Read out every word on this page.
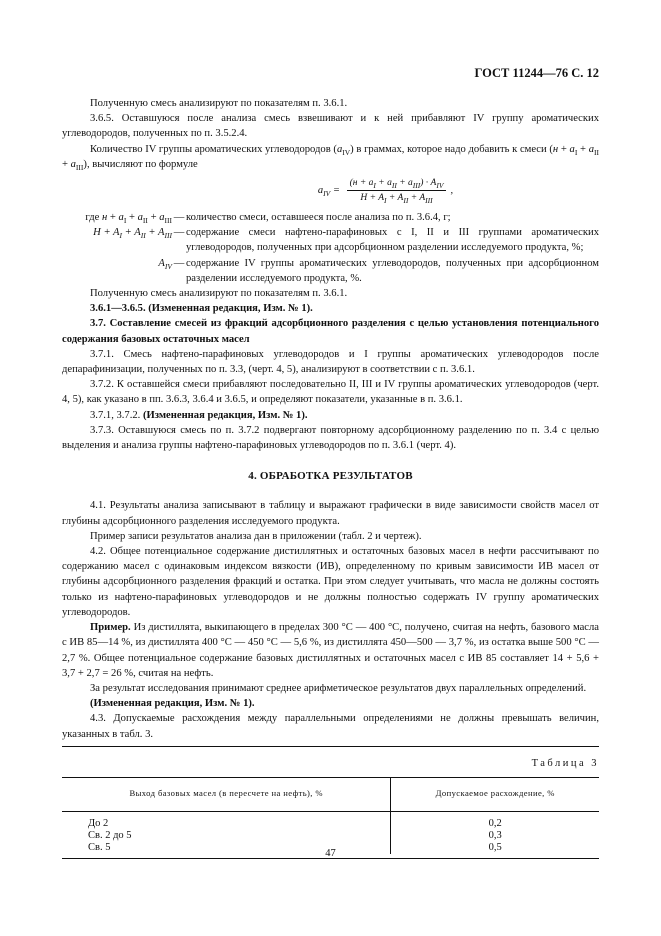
ГОСТ 11244—76 С. 12

Полученную смесь анализируют по показателям п. 3.6.1.

3.6.5. Оставшуюся после анализа смесь взвешивают и к ней прибавляют IV группу ароматических углеводородов, полученных по п. 3.5.2.4.

Количество IV группы ароматических углеводородов $(a_{IV})$ в граммах, которое надо добавить к смеси $(н + a_I + a_{II} + a_{III})$, вычисляют по формуле

$a_{IV} = \frac{(н + a_I + a_{II} + a_{III}) \cdot A_{IV}}{H + A_I + A_{II} + A_{III}}$ ,
где $н + a_I + a_{II} + a_{III}$ — количество смеси, оставшееся после анализа по п. 3.6.4, г;
$H + A_I + A_{II} + A_{III}$ — содержание смеси нафтено-парафиновых с I, II и III группами ароматических углеводородов, полученных при адсорбционном разделении исследуемого продукта, %;
$A_{IV}$ — содержание IV группы ароматических углеводородов, полученных при адсорбционном разделении исследуемого продукта, %.

Полученную смесь анализируют по показателям п. 3.6.1.

3.6.1—3.6.5. (Измененная редакция, Изм. № 1).

3.7. Составление смесей из фракций адсорбционного разделения с целью установления потенциального содержания базовых остаточных масел

3.7.1. Смесь нафтено-парафиновых углеводородов и I группы ароматических углеводородов после депарафинизации, полученных по п. 3.3, (черт. 4, 5), анализируют в соответствии с п. 3.6.1.

3.7.2. К оставшейся смеси прибавляют последовательно II, III и IV группы ароматических углеводородов (черт. 4, 5), как указано в пп. 3.6.3, 3.6.4 и 3.6.5, и определяют показатели, указанные в п. 3.6.1.

3.7.1, 3.7.2. (Измененная редакция, Изм. № 1).

3.7.3. Оставшуюся смесь по п. 3.7.2 подвергают повторному адсорбционному разделению по п. 3.4 с целью выделения и анализа группы нафтено-парафиновых углеводородов по п. 3.6.1 (черт. 4).

4. ОБРАБОТКА РЕЗУЛЬТАТОВ

4.1. Результаты анализа записывают в таблицу и выражают графически в виде зависимости свойств масел от глубины адсорбционного разделения исследуемого продукта.

Пример записи результатов анализа дан в приложении (табл. 2 и чертеж).

4.2. Общее потенциальное содержание дистиллятных и остаточных базовых масел в нефти рассчитывают по содержанию масел с одинаковым индексом вязкости (ИВ), определенному по кривым зависимости ИВ масел от глубины адсорбционного разделения фракций и остатка. При этом следует учитывать, что масла не должны состоять только из нафтено-парафиновых углеводородов и не должны полностью содержать IV группу ароматических углеводородов.

Пример. Из дистиллята, выкипающего в пределах 300 °С — 400 °С, получено, считая на нефть, базового масла с ИВ 85—14 %, из дистиллята 400 °С — 450 °С — 5,6 %, из дистиллята 450—500 — 3,7 %, из остатка выше 500 °С — 2,7 %. Общее потенциальное содержание базовых дистиллятных и остаточных масел с ИВ 85 составляет 14 + 5,6 + 3,7 + 2,7 = 26 %, считая на нефть.

За результат исследования принимают среднее арифметическое результатов двух параллельных определений.

(Измененная редакция, Изм. № 1).

4.3. Допускаемые расхождения между параллельными определениями не должны превышать величин, указанных в табл. 3.

Таблица 3
Выход базовых масел (в пересчете на нефть), %	Допускаемое расхождение, %
До 2	0,2
Св. 2 до 5	0,3
Св. 5	0,5
47
